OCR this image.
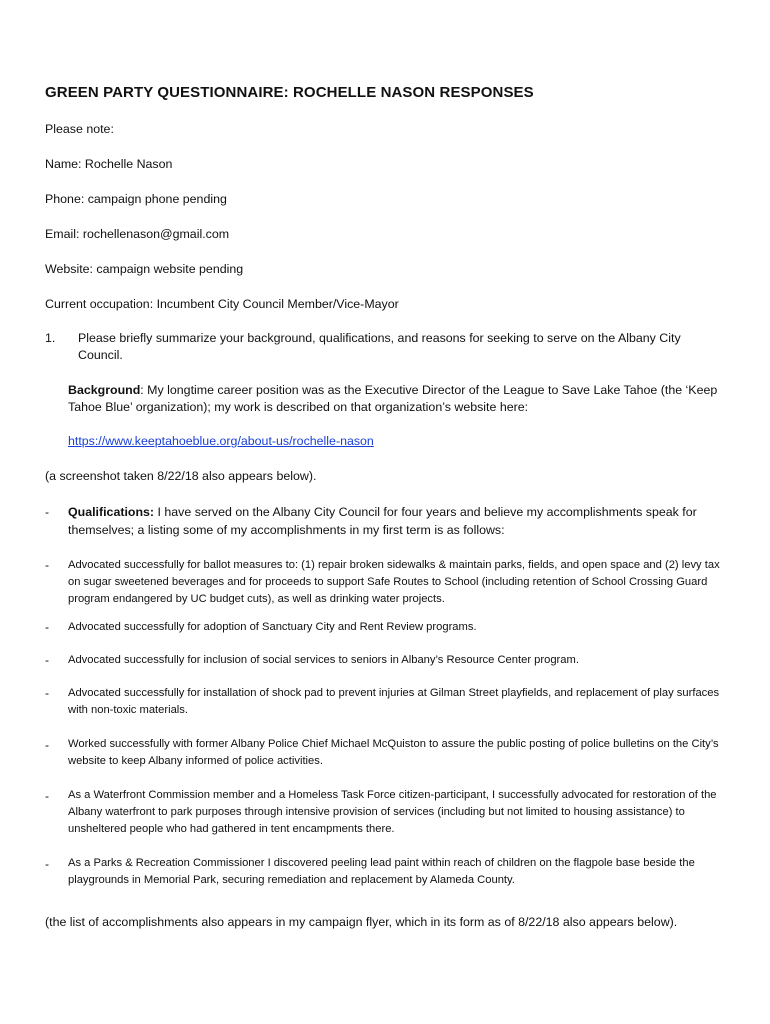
GREEN PARTY QUESTIONNAIRE: ROCHELLE NASON RESPONSES
Please note:
Name: Rochelle Nason
Phone: campaign phone pending
Email: rochellenason@gmail.com
Website: campaign website pending
Current occupation: Incumbent City Council Member/Vice-Mayor
1. Please briefly summarize your background, qualifications, and reasons for seeking to serve on the Albany City Council.
Background: My longtime career position was as the Executive Director of the League to Save Lake Tahoe (the ‘Keep Tahoe Blue’ organization); my work is described on that organization’s website here:
https://www.keeptahoeblue.org/about-us/rochelle-nason
(a screenshot taken 8/22/18 also appears below).
- Qualifications: I have served on the Albany City Council for four years and believe my accomplishments speak for themselves; a listing some of my accomplishments in my first term is as follows:
- Advocated successfully for ballot measures to: (1) repair broken sidewalks & maintain parks, fields, and open space and (2) levy tax on sugar sweetened beverages and for proceeds to support Safe Routes to School (including retention of School Crossing Guard program endangered by UC budget cuts), as well as drinking water projects.
- Advocated successfully for adoption of Sanctuary City and Rent Review programs.
- Advocated successfully for inclusion of social services to seniors in Albany’s Resource Center program.
- Advocated successfully for installation of shock pad to prevent injuries at Gilman Street playfields, and replacement of play surfaces with non-toxic materials.
- Worked successfully with former Albany Police Chief Michael McQuiston to assure the public posting of police bulletins on the City’s website to keep Albany informed of police activities.
- As a Waterfront Commission member and a Homeless Task Force citizen-participant, I successfully advocated for restoration of the Albany waterfront to park purposes through intensive provision of services (including but not limited to housing assistance) to unsheltered people who had gathered in tent encampments there.
- As a Parks & Recreation Commissioner I discovered peeling lead paint within reach of children on the flagpole base beside the playgrounds in Memorial Park, securing remediation and replacement by Alameda County.
(the list of accomplishments also appears in my campaign flyer, which in its form as of 8/22/18 also appears below).
